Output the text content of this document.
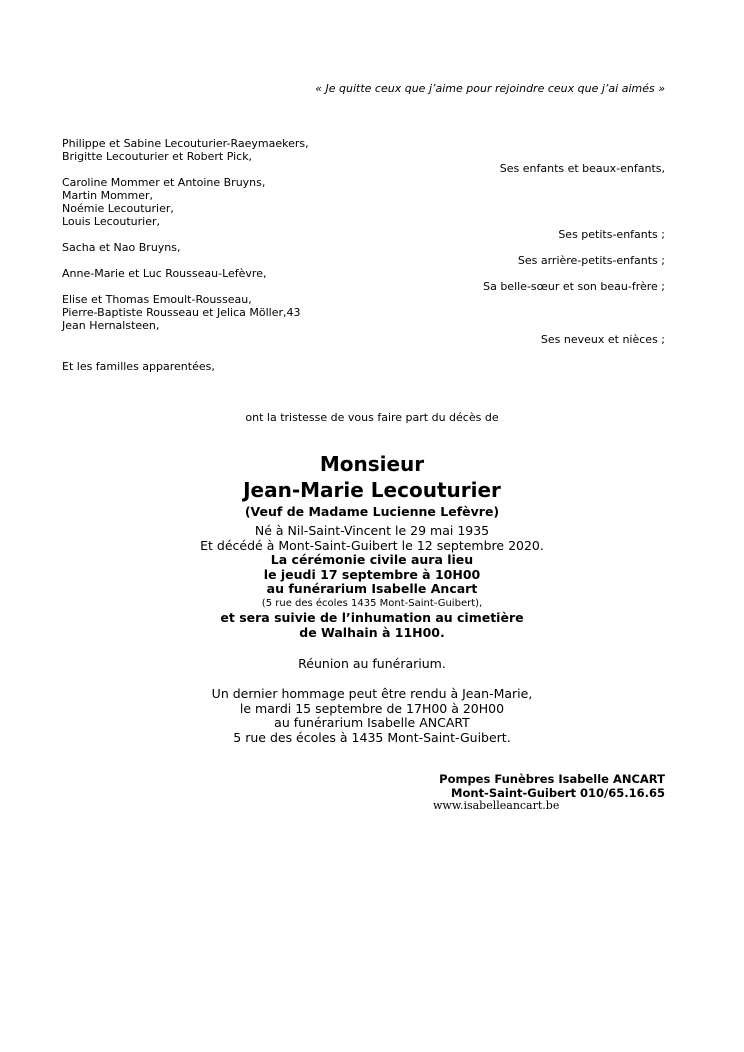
« Je quitte ceux que j’aime pour rejoindre ceux que j’ai aimés »
Philippe et Sabine Lecouturier-Raeymaekers,
Brigitte Lecouturier et Robert Pick,
Ses enfants et beaux-enfants,
Caroline Mommer et Antoine Bruyns,
Martin Mommer,
Noémie Lecouturier,
Louis Lecouturier,
Ses petits-enfants ;
Sacha et Nao Bruyns,
Ses arrière-petits-enfants ;
Anne-Marie et Luc Rousseau-Lefèvre,
Sa belle-sœur et son beau-frère ;
Elise et Thomas Emoult-Rousseau,
Pierre-Baptiste Rousseau et Jelica Möller,43
Jean Hernalsteen,
Ses neveux et nièces ;
Et les familles apparentées,
ont la tristesse de vous faire part du décès de
Monsieur
Jean-Marie Lecouturier
(Veuf de Madame Lucienne Lefèvre)
Né à Nil-Saint-Vincent le 29 mai 1935
Et décédé à Mont-Saint-Guibert le 12 septembre 2020.
La cérémonie civile aura lieu
le jeudi 17 septembre à 10H00
au funérarium Isabelle Ancart
(5 rue des écoles 1435 Mont-Saint-Guibert),
et sera suivie de l’inhumation au cimetière
de Walhain à 11H00.
Réunion au funérarium.
Un dernier hommage peut être rendu à Jean-Marie,
le mardi 15 septembre de 17H00 à 20H00
au funérarium Isabelle ANCART
5 rue des écoles à 1435 Mont-Saint-Guibert.
Pompes Funèbres Isabelle ANCART
Mont-Saint-Guibert 010/65.16.65
www.isabelleancart.be
